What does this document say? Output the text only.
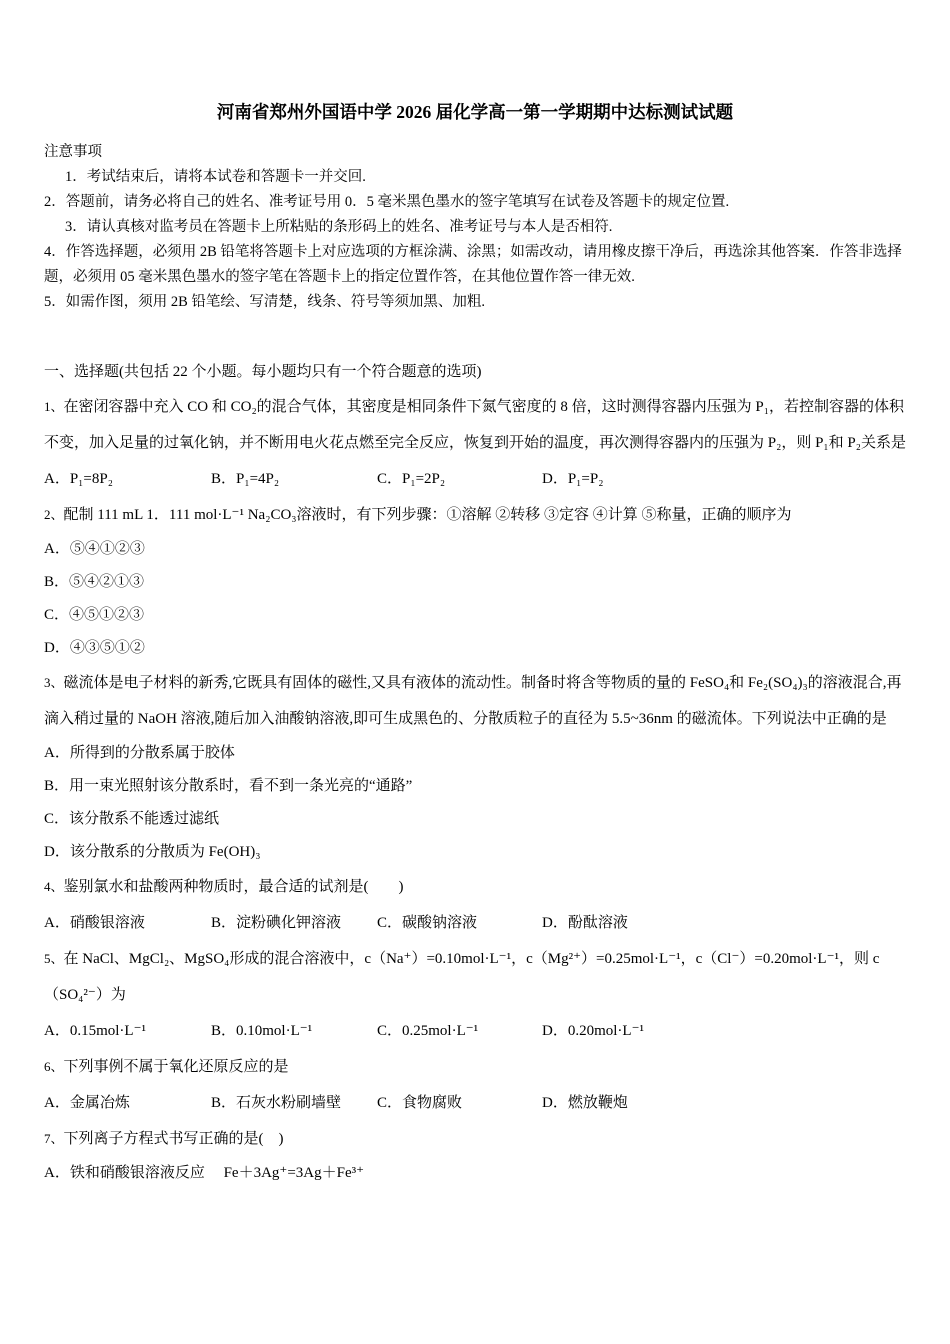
河南省郑州外国语中学 2026 届化学高一第一学期期中达标测试试题
注意事项
1．考试结束后，请将本试卷和答题卡一并交回.
2．答题前，请务必将自己的姓名、准考证号用 0．5 毫米黑色墨水的签字笔填写在试卷及答题卡的规定位置.
3．请认真核对监考员在答题卡上所粘贴的条形码上的姓名、准考证号与本人是否相符.
4．作答选择题，必须用 2B 铅笔将答题卡上对应选项的方框涂满、涂黑；如需改动，请用橡皮擦干净后，再选涂其他答案．作答非选择题，必须用 05 毫米黑色墨水的签字笔在答题卡上的指定位置作答，在其他位置作答一律无效.
5．如需作图，须用 2B 铅笔绘、写清楚，线条、符号等须加黑、加粗.
一、选择题(共包括 22 个小题。每小题均只有一个符合题意的选项)
1、在密闭容器中充入 CO 和 CO₂的混合气体，其密度是相同条件下氮气密度的 8 倍，这时测得容器内压强为 P₁，若控制容器的体积不变，加入足量的过氧化钠，并不断用电火花点燃至完全反应，恢复到开始的温度，再次测得容器内的压强为 P₂，则 P₁和 P₂关系是
A．P₁=8P₂	B．P₁=4P₂	C．P₁=2P₂	D．P₁=P₂
2、配制 111 mL 1．111 mol·L⁻¹ Na₂CO₃溶液时，有下列步骤：①溶解 ②转移 ③定容 ④计算 ⑤称量，正确的顺序为
A．⑤④①②③
B．⑤④②①③
C．④⑤①②③
D．④③⑤①②
3、磁流体是电子材料的新秀,它既具有固体的磁性,又具有液体的流动性。制备时将含等物质的量的 FeSO₄和 Fe₂(SO₄)₃的溶液混合,再滴入稍过量的 NaOH 溶液,随后加入油酸钠溶液,即可生成黑色的、分散质粒子的直径为 5.5~36nm 的磁流体。下列说法中正确的是
A．所得到的分散系属于胶体
B．用一束光照射该分散系时，看不到一条光亮的“通路”
C．该分散系不能透过滤纸
D．该分散系的分散质为 Fe(OH)₃
4、鉴别氯水和盐酸两种物质时，最合适的试剂是(　　)
A．硝酸银溶液	B．淀粉碘化钾溶液	C．碳酸钠溶液	D．酚酞溶液
5、在 NaCl、MgCl₂、MgSO₄形成的混合溶液中，c（Na⁺）=0.10mol·L⁻¹，c（Mg²⁺）=0.25mol·L⁻¹，c（Cl⁻）=0.20mol·L⁻¹，则 c（SO₄²⁻）为
A．0.15mol·L⁻¹	B．0.10mol·L⁻¹	C．0.25mol·L⁻¹	D．0.20mol·L⁻¹
6、下列事例不属于氧化还原反应的是
A．金属冶炼	B．石灰水粉刷墙壁	C．食物腐败	D．燃放鞭炮
7、下列离子方程式书写正确的是(　)
A．铁和硝酸银溶液反应　 Fe＋3Ag⁺=3Ag＋Fe³⁺
